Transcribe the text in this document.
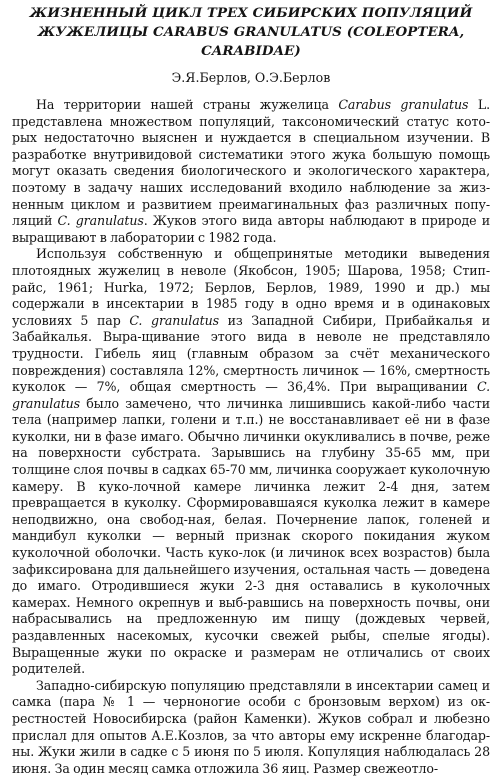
ЖИЗНЕННЫЙ ЦИКЛ ТРЕХ СИБИРСКИХ ПОПУЛЯЦИЙ
ЖУЖЕЛИЦЫ CARABUS GRANULATUS (COLEOPTERA, CARABIDAE)
Э.Я.Берлов, О.Э.Берлов

На территории нашей страны жужелица Carabus granulatus L. представлена множеством популяций, таксономический статус кото-рых недостаточно выяснен и нуждается в специальном изучении. В разработке внутривидовой систематики этого жука большую помощь могут оказать сведения биологического и экологического характера, поэтому в задачу наших исследований входило наблюдение за жиз-ненным циклом и развитием преимагинальных фаз различных попу-ляций C. granulatus. Жуков этого вида авторы наблюдают в природе и выращивают в лаборатории с 1982 года.

Используя собственную и общепринятые методики выведения плотоядных жужелиц в неволе (Якобсон, 1905; Шарова, 1958; Стип-райс, 1961; Hurka, 1972; Берлов, Берлов, 1989, 1990 и др.) мы содержали в инсектарии в 1985 году в одно время и в одинаковых условиях 5 пар C. granulatus из Западной Сибири, Прибайкалья и Забайкалья. Выра-щивание этого вида в неволе не представляло трудности. Гибель яиц (главным образом за счёт механического повреждения) составляла 12%, смертность личинок — 16%, смертность куколок — 7%, общая смертность — 36,4%. При выращивании C. granulatus было замечено, что личинка лишившись какой-либо части тела (например лапки, голени и т.п.) не восстанавливает её ни в фазе куколки, ни в фазе имаго. Обычно личинки окукливались в почве, реже на поверхности субстрата. Зарывшись на глубину 35-65 мм, при толщине слоя почвы в садках 65-70 мм, личинка сооружает куколочную камеру. В куко-лочной камере личинка лежит 2-4 дня, затем превращается в куколку. Сформировавшаяся куколка лежит в камере неподвижно, она свобод-ная, белая. Почернение лапок, голеней и мандибул куколки — верный признак скорого покидания жуком куколочной оболочки. Часть куко-лок (и личинок всех возрастов) была зафиксирована для дальнейшего изучения, остальная часть — доведена до имаго. Отродившиеся жуки 2-3 дня оставались в куколочных камерах. Немного окрепнув и выб-равшись на поверхность почвы, они набрасывались на предложенную им пищу (дождевых червей, раздавленных насекомых, кусочки свежей рыбы, спелые ягоды). Выращенные жуки по окраске и размерам не отличались от своих родителей.

Западно-сибирскую популяцию представляли в инсектарии самец и самка (пара № 1 — черноногие особи с бронзовым верхом) из ок-рестностей Новосибирска (район Каменки). Жуков собрал и любезно прислал для опытов А.Е.Козлов, за что авторы ему искренне благодар-ны. Жуки жили в садке с 5 июня по 5 июля. Копуляция наблюдалась 28 июня. За один месяц самка отложила 36 яиц. Размер свежеотло-
